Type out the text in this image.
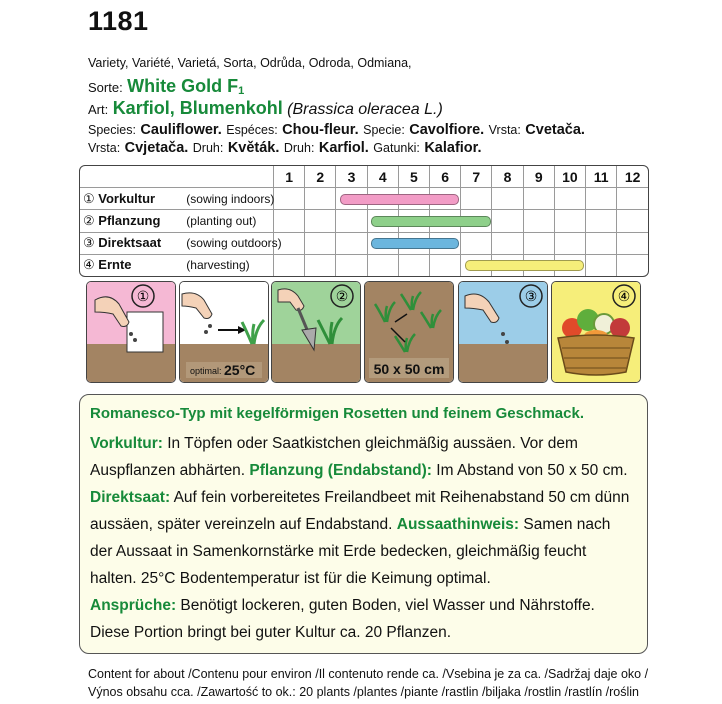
1181
Variety, Variété, Varietá, Sorta, Odrůda, Odroda, Odmiana,
Sorte: White Gold F1
Art: Karfiol, Blumenkohl (Brassica oleracea L.)
Species: Cauliflower. Espéces: Chou-fleur. Specie: Cavolfiore. Vrsta: Cvetača.
Vrsta: Cvjetača. Druh: Květák. Druh: Karfiol. Gatunki: Kalafior.
	1	2	3	4	5	6	7	8	9	10	11	12
① Vorkultur (sowing indoors)			

② Pflanzung (planting out)				

③ Direktsaat (sowing outdoors)				

④ Ernte (harvesting)							

①
optimal: 25°C
②
50 x 50 cm
③	④

Romanesco-Typ mit kegelförmigen Rosetten und feinem Geschmack.

Vorkultur: In Töpfen oder Saatkistchen gleichmäßig aussäen. Vor dem Auspflanzen abhärten. Pflanzung (Endabstand): Im Abstand von 50 x 50 cm.

Direktsaat: Auf fein vorbereitetes Freilandbeet mit Reihenabstand 50 cm dünn aussäen, später vereinzeln auf Endabstand. Aussaathinweis: Samen nach der Aussaat in Samenkornstärke mit Erde bedecken, gleichmäßig feucht halten. 25°C Bodentemperatur ist für die Keimung optimal.

Ansprüche: Benötigt lockeren, guten Boden, viel Wasser und Nährstoffe. Diese Portion bringt bei guter Kultur ca. 20 Pflanzen.

Content for about /Contenu pour environ /Il contenuto rende ca. /Vsebina je za ca. /Sadržaj daje oko /
Výnos obsahu cca. /Zawartość to ok.: 20 plants /plantes /piante /rastlin /biljaka /rostlin /rastlín /roślin
